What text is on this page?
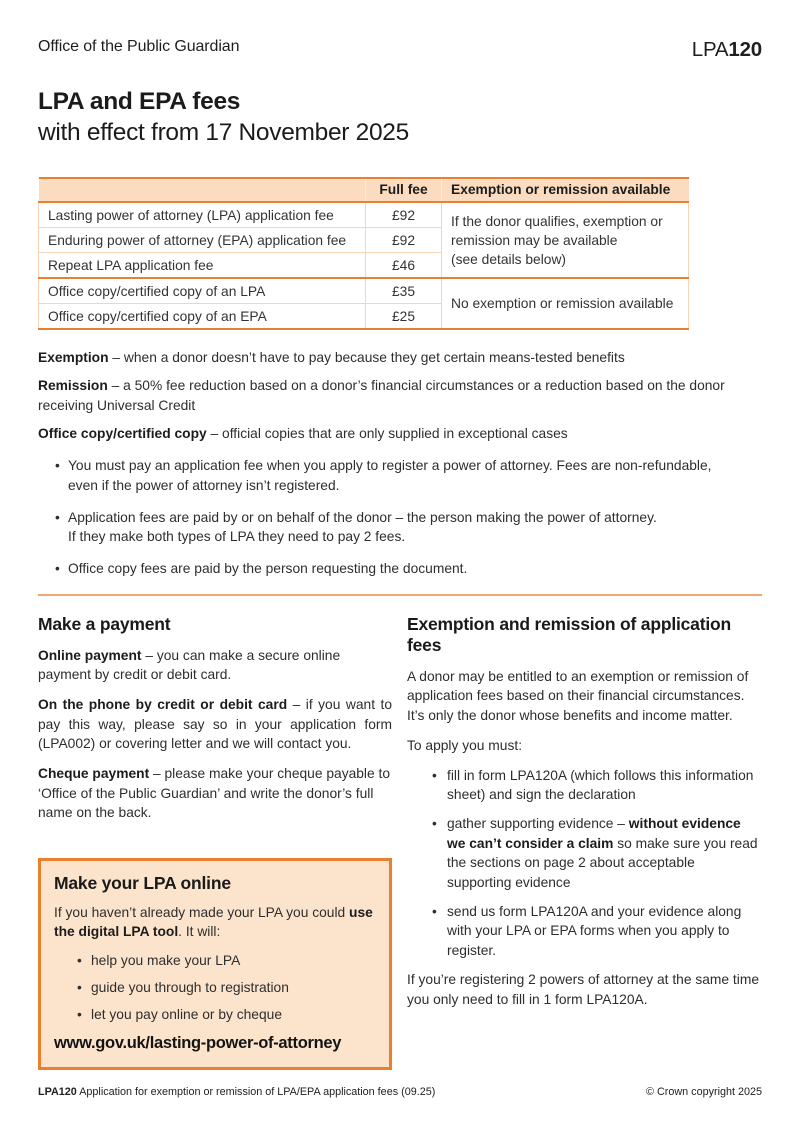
Office of the Public Guardian	LPA120
LPA and EPA fees
with effect from 17 November 2025
	Full fee	Exemption or remission available
Lasting power of attorney (LPA) application fee	£92	If the donor qualifies, exemption or remission may be available
(see details below)

Enduring power of attorney (EPA) application fee	£92	
Repeat LPA application fee	£46	
Office copy/certified copy of an LPA	£35	No exemption or remission available
Office copy/certified copy of an EPA	£25	

Exemption – when a donor doesn’t have to pay because they get certain means-tested benefits

Remission – a 50% fee reduction based on a donor’s financial circumstances or a reduction based on the donor receiving Universal Credit

Office copy/certified copy – official copies that are only supplied in exceptional cases

• You must pay an application fee when you apply to register a power of attorney. Fees are non-refundable,
even if the power of attorney isn’t registered.
• Application fees are paid by or on behalf of the donor – the person making the power of attorney.
If they make both types of LPA they need to pay 2 fees.
• Office copy fees are paid by the person requesting the document.
Make a payment

Online payment – you can make a secure online payment by credit or debit card.

On the phone by credit or debit card – if you want to pay this way, please say so in your application form (LPA002) or covering letter and we will contact you.

Cheque payment – please make your cheque payable to ‘Office of the Public Guardian’ and write the donor’s full name on the back.

Make your LPA online

If you haven’t already made your LPA you could use the digital LPA tool. It will:

• help you make your LPA
• guide you through to registration
• let you pay online or by cheque
www.gov.uk/lasting-power-of-attorney
Exemption and remission of application fees

A donor may be entitled to an exemption or remission of application fees based on their financial circumstances. It’s only the donor whose benefits and income matter.

To apply you must:

• fill in form LPA120A (which follows this information sheet) and sign the declaration
• gather supporting evidence – without evidence we can’t consider a claim so make sure you read the sections on page 2 about acceptable supporting evidence
• send us form LPA120A and your evidence along with your LPA or EPA forms when you apply to register.

If you’re registering 2 powers of attorney at the same time you only need to fill in 1 form LPA120A.

LPA120 Application for exemption or remission of LPA/EPA application fees (09.25)	© Crown copyright 2025
